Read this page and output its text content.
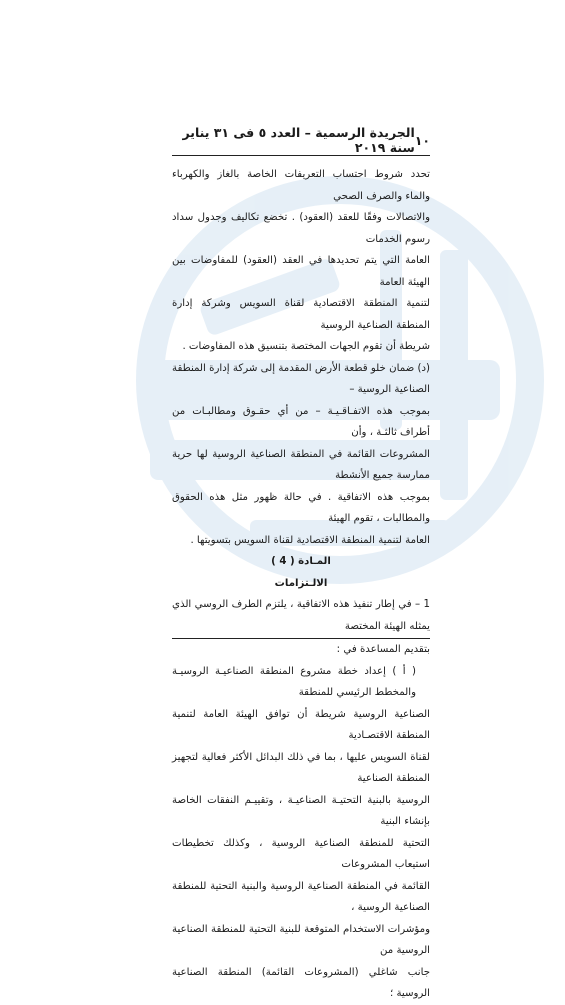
١٠
الجريدة الرسمية – العدد ٥ فى ٣١ يناير سنة ٢٠١٩

تحدد شروط احتساب التعريفات الخاصة بالغاز والكهرباء والماء والصرف الصحي

والاتصالات وفقًا للعقد (العقود) . تخضع تكاليف وجدول سداد رسوم الخدمات

العامة التي يتم تحديدها في العقد (العقود) للمفاوضات بين الهيئة العامة

لتنمية المنطقة الاقتصادية لقناة السويس وشركة إدارة المنطقة الصناعية الروسية

شريطة أن تقوم الجهات المختصة بتنسيق هذه المفاوضات .

(د) ضمان خلو قطعة الأرض المقدمة إلى شركة إدارة المنطقة الصناعية الروسية –

بموجب هذه الاتفـاقـيـة – من أي حقـوق ومطالبـات من أطراف ثالثـة ، وأن

المشروعات القائمة في المنطقة الصناعية الروسية لها حرية ممارسة جميع الأنشطة

بموجب هذه الاتفاقية . في حالة ظهور مثل هذه الحقوق والمطالبات ، تقوم الهيئة

العامة لتنمية المنطقة الاقتصادية لقناة السويس بتسويتها .

المـادة ( 4 )

الالـتزامات

1 – في إطار تنفيذ هذه الاتفاقية ، يلتزم الطرف الروسي الذي يمثله الهيئة المختصة

بتقديم المساعدة في :

( أ ) إعداد خطة مشروع المنطقة الصناعيـة الروسيـة والمخطط الرئيسي للمنطقة

الصناعية الروسية شريطة أن توافق الهيئة العامة لتنمية المنطقة الاقتصـادية

لقناة السويس عليها ، بما في ذلك البدائل الأكثر فعالية لتجهيز المنطقة الصناعية

الروسية بالبنية التحتيـة الصناعيـة ، وتقييـم النفقات الخاصة بإنشاء البنية

التحتية للمنطقة الصناعية الروسية ، وكذلك تخطيطات استيعاب المشروعات

القائمة في المنطقة الصناعية الروسية والبنية التحتية للمنطقة الصناعية الروسية ،

ومؤشرات الاستخدام المتوقعة للبنية التحتية للمنطقة الصناعية الروسية من

جانب شاغلي (المشروعات القائمة) المنطقة الصناعية الروسية ؛
